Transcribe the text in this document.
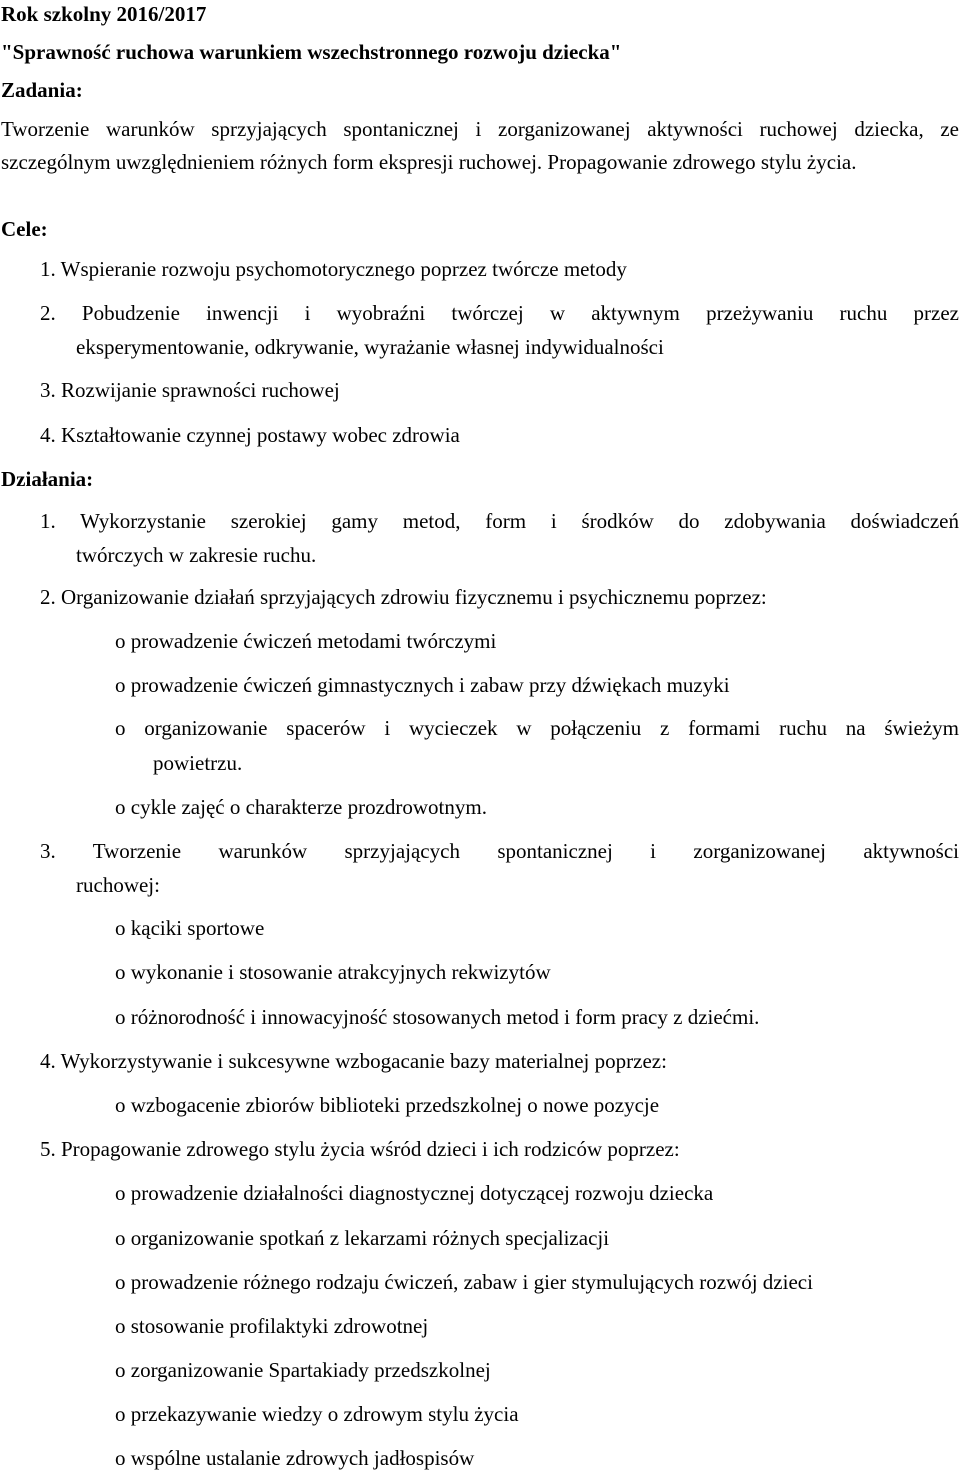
Rok szkolny 2016/2017
"Sprawność ruchowa warunkiem wszechstronnego rozwoju dziecka"
Zadania:
Tworzenie warunków sprzyjających spontanicznej i zorganizowanej aktywności ruchowej dziecka, ze szczególnym uwzględnieniem różnych form ekspresji ruchowej. Propagowanie zdrowego stylu życia.
Cele:
1. Wspieranie rozwoju psychomotorycznego poprzez twórcze metody
2. Pobudzenie inwencji i wyobraźni twórczej w aktywnym przeżywaniu ruchu przez
eksperymentowanie, odkrywanie, wyrażanie własnej indywidualności
3. Rozwijanie sprawności ruchowej
4. Kształtowanie czynnej postawy wobec zdrowia
Działania:
1. Wykorzystanie szerokiej gamy metod, form i środków do zdobywania doświadczeń
twórczych w zakresie ruchu.
2. Organizowanie działań sprzyjających zdrowiu fizycznemu i psychicznemu poprzez:
o prowadzenie ćwiczeń metodami twórczymi
o prowadzenie ćwiczeń gimnastycznych i zabaw przy dźwiękach muzyki
o organizowanie spacerów i wycieczek w połączeniu z formami ruchu na świeżym
powietrzu.
o cykle zajęć o charakterze prozdrowotnym.
3. Tworzenie warunków sprzyjających spontanicznej i zorganizowanej aktywności
ruchowej:
o kąciki sportowe
o wykonanie i stosowanie atrakcyjnych rekwizytów
o różnorodność i innowacyjność stosowanych metod i form pracy z dziećmi.
4. Wykorzystywanie i sukcesywne wzbogacanie bazy materialnej poprzez:
o wzbogacenie zbiorów biblioteki przedszkolnej o nowe pozycje
5. Propagowanie zdrowego stylu życia wśród dzieci i ich rodziców poprzez:
o prowadzenie działalności diagnostycznej dotyczącej rozwoju dziecka
o organizowanie spotkań z lekarzami różnych specjalizacji
o prowadzenie różnego rodzaju ćwiczeń, zabaw i gier stymulujących rozwój dzieci
o stosowanie profilaktyki zdrowotnej
o zorganizowanie Spartakiady przedszkolnej
o przekazywanie wiedzy o zdrowym stylu życia
o wspólne ustalanie zdrowych jadłospisów
